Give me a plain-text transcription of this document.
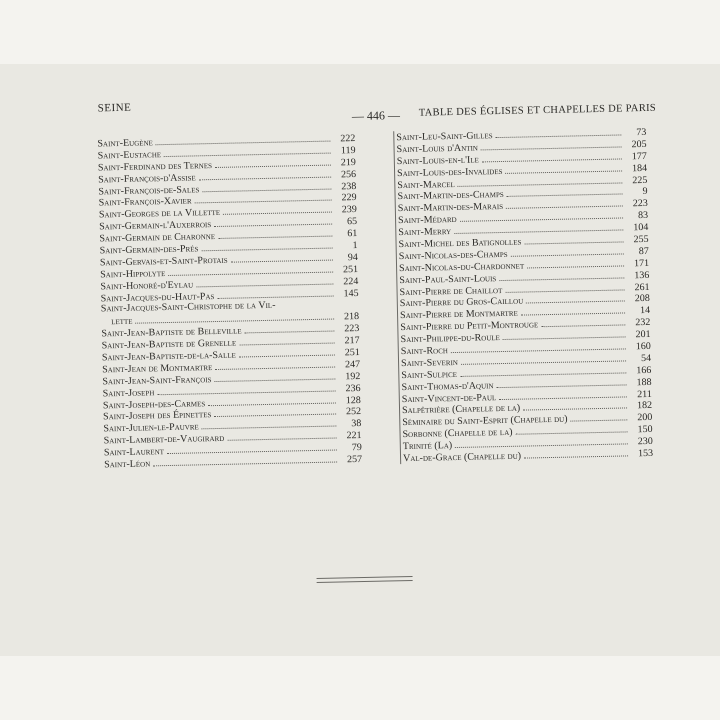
SEINE
— 446 — TABLE DES ÉGLISES ET CHAPELLES DE PARIS
Saint-Eugène	222
Saint-Eustache	119
Saint-Ferdinand des Ternes	219
Saint-François-d'Assise	256
Saint-François-de-Sales	238
Saint-François-Xavier	229
Saint-Georges de la Villette	239
Saint-Germain-l'Auxerrois	65
Saint-Germain de Charonne	61
Saint-Germain-des-Prés	1
Saint-Gervais-et-Saint-Protais	94
Saint-Hippolyte	251
Saint-Honoré-d'Eylau	224
Saint-Jacques-du-Haut-Pas	145
Saint-Jacques-Saint-Christophe de la Vil-
lette	218
Saint-Jean-Baptiste de Belleville	223
Saint-Jean-Baptiste de Grenelle	217
Saint-Jean-Baptiste-de-la-Salle	251
Saint-Jean de Montmartre	247
Saint-Jean-Saint-François	192
Saint-Joseph	236
Saint-Joseph-des-Carmes	128
Saint-Joseph des Épinettes	252
Saint-Julien-le-Pauvre	38
Saint-Lambert-de-Vaugirard	221
Saint-Laurent	79
Saint-Léon	257
Saint-Leu-Saint-Gilles	73
Saint-Louis d'Antin	205
Saint-Louis-en-l'Ile	177
Saint-Louis-des-Invalides	184
Saint-Marcel	225
Saint-Martin-des-Champs	9
Saint-Martin-des-Marais	223
Saint-Médard	83
Saint-Merry	104
Saint-Michel des Batignolles	255
Saint-Nicolas-des-Champs	87
Saint-Nicolas-du-Chardonnet	171
Saint-Paul-Saint-Louis	136
Saint-Pierre de Chaillot	261
Saint-Pierre du Gros-Caillou	208
Saint-Pierre de Montmartre	14
Saint-Pierre du Petit-Montrouge	232
Saint-Philippe-du-Roule	201
Saint-Roch	160
Saint-Severin	54
Saint-Sulpice	166
Saint-Thomas-d'Aquin	188
Saint-Vincent-de-Paul	211
Salpêtrière (Chapelle de la)	182
Séminaire du Saint-Esprit (Chapelle du)	200
Sorbonne (Chapelle de la)	150
Trinité (La)	230
Val-de-Grace (Chapelle du)	153
